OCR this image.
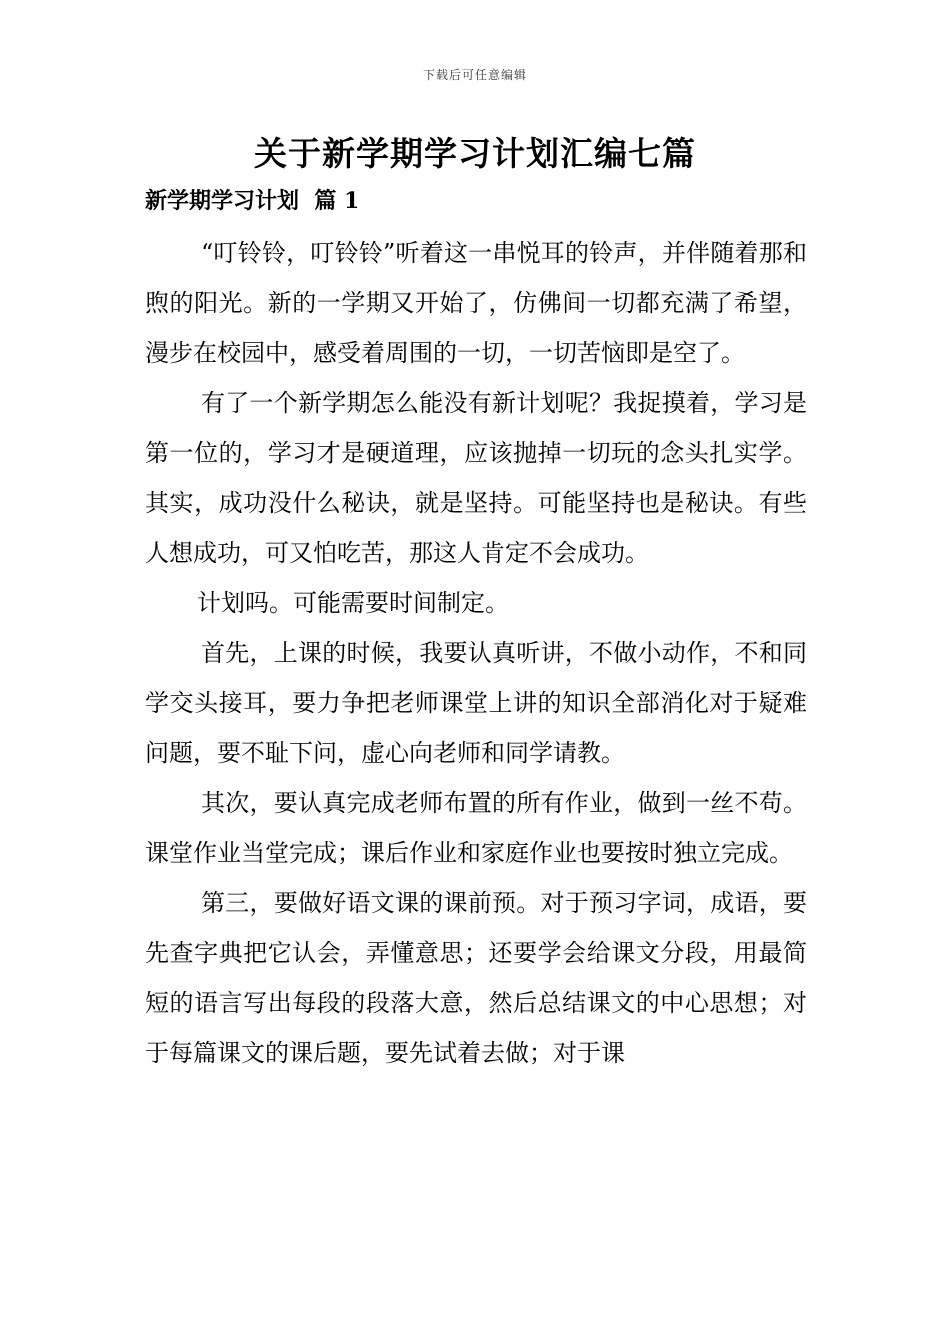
下载后可任意编辑
关于新学期学习计划汇编七篇
新学期学习计划  篇 1

“叮铃铃，叮铃铃”听着这一串悦耳的铃声，并伴随着那和煦的阳光。新的一学期又开始了，仿佛间一切都充满了希望，漫步在校园中，感受着周围的一切，一切苦恼即是空了。

有了一个新学期怎么能没有新计划呢？我捉摸着，学习是第一位的，学习才是硬道理，应该抛掉一切玩的念头扎实学。其实，成功没什么秘诀，就是坚持。可能坚持也是秘诀。有些人想成功，可又怕吃苦，那这人肯定不会成功。

计划吗。可能需要时间制定。

首先，上课的时候，我要认真听讲，不做小动作，不和同学交头接耳，要力争把老师课堂上讲的知识全部消化对于疑难问题，要不耻下问，虚心向老师和同学请教。

其次，要认真完成老师布置的所有作业，做到一丝不苟。课堂作业当堂完成；课后作业和家庭作业也要按时独立完成。

第三，要做好语文课的课前预。对于预习字词，成语，要先查字典把它认会，弄懂意思；还要学会给课文分段，用最简短的语言写出每段的段落大意，然后总结课文的中心思想；对于每篇课文的课后题，要先试着去做；对于课
